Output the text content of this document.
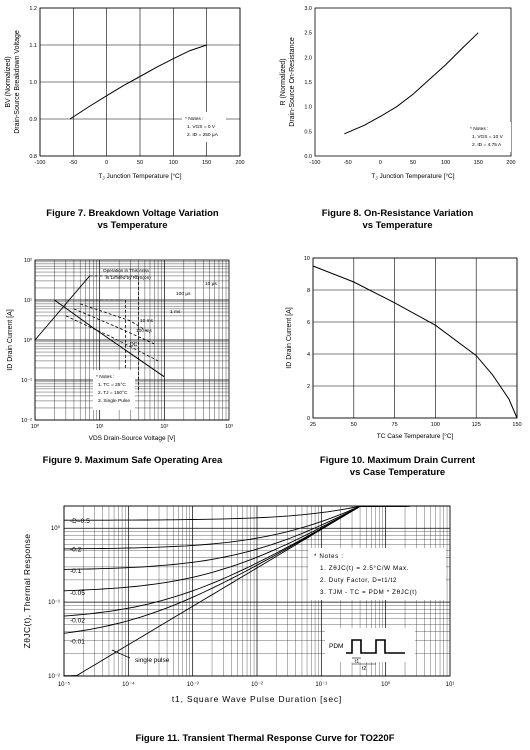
-100	-50	0	50	100	150	200
0.8
0.9
1.0
1.1
1.2
BV (Normalized) Drain-Source Breakdown Voltage
$T_J$ Junction Temperature [°C]
* Notes :
1. VGS = 0 V
2. ID = 250 μA
Figure 7. Breakdown Voltage Variation
vs Temperature
-100	-50	0	50	100	150	200
0.0
0.5
1.0
1.5
2.0
2.5
3.0
R (Normalized) Drain-Source On-Resistance
$T_J$ Junction Temperature [°C]
* Notes :
1. VGS = 10 V
2. ID = 4.75 A
Figure 8. On-Resistance Variation
vs Temperature
10⁰	10¹	10²	10³
10⁻²
10⁻¹
10⁰
10¹
10²
Operation in This Area
is Limited by RDS(on)
10 μs
100 μs
1 ms
10 ms
100 ms
DC
* Notes :
1. TC = 25°C
2. TJ = 150°C
3. Single Pulse
ID Drain Current [A]
VDS Drain-Source Voltage [V]
Figure 9. Maximum Safe Operating Area
25	50	75	100	125	150
0
2
4
6
8
10
ID Drain Current [A]
TC Case Temperature [°C]
Figure 10. Maximum Drain Current
vs Case Temperature
10⁻⁵	10⁻⁴	10⁻³	10⁻²	10⁻¹	10⁰	10¹
10⁻²
10⁻¹
10⁰
-D=0.5
-0.2
-0.1
-0.05
-0.02
-0.01
single pulse
* Notes :
1. ZθJC(t) = 2.5°C/W Max.
2. Duty Factor, D=t1/t2
3. TJM - TC = PDM * ZθJC(t)
PDM
t1
t2
ZθJC(t), Thermal Response
t1, Square Wave Pulse Duration [sec]
Figure 11. Transient Thermal Response Curve for TO220F
